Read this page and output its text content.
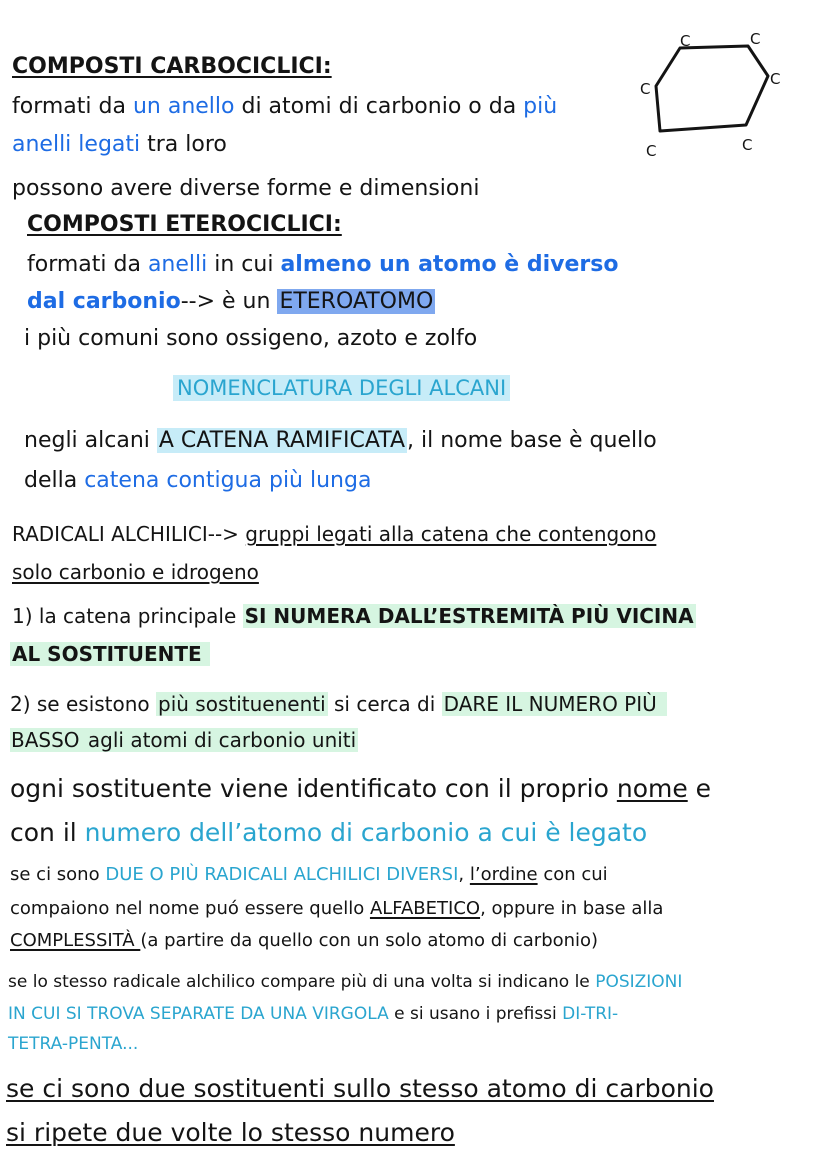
C	C
C
C
C
C
COMPOSTI CARBOCICLICI:
formati da un anello di atomi di carbonio o da più
anelli legati tra loro
possono avere diverse forme e dimensioni
COMPOSTI ETEROCICLICI:
formati da anelli in cui almeno un atomo è diverso
dal carbonio--> è un ETEROATOMO
i più comuni sono ossigeno, azoto e zolfo
NOMENCLATURA DEGLI ALCANI
negli alcani A CATENA RAMIFICATA, il nome base è quello
della catena contigua più lunga
RADICALI ALCHILICI--> gruppi legati alla catena che contengono
solo carbonio e idrogeno
1) la catena principale SI NUMERA DALL’ESTREMITÀ PIÙ VICINA
AL SOSTITUENTE
2) se esistono più sostituenenti si cerca di DARE IL NUMERO PIÙ
BASSO agli atomi di carbonio uniti
ogni sostituente viene identificato con il proprio nome e
con il numero dell’atomo di carbonio a cui è legato
se ci sono DUE O PIÙ RADICALI ALCHILICI DIVERSI, l’ordine con cui
compaiono nel nome puó essere quello ALFABETICO, oppure in base alla
COMPLESSITÀ (a partire da quello con un solo atomo di carbonio)
se lo stesso radicale alchilico compare più di una volta si indicano le POSIZIONI
IN CUI SI TROVA SEPARATE DA UNA VIRGOLA e si usano i prefissi DI-TRI-
TETRA-PENTA...
se ci sono due sostituenti sullo stesso atomo di carbonio
si ripete due volte lo stesso numero
